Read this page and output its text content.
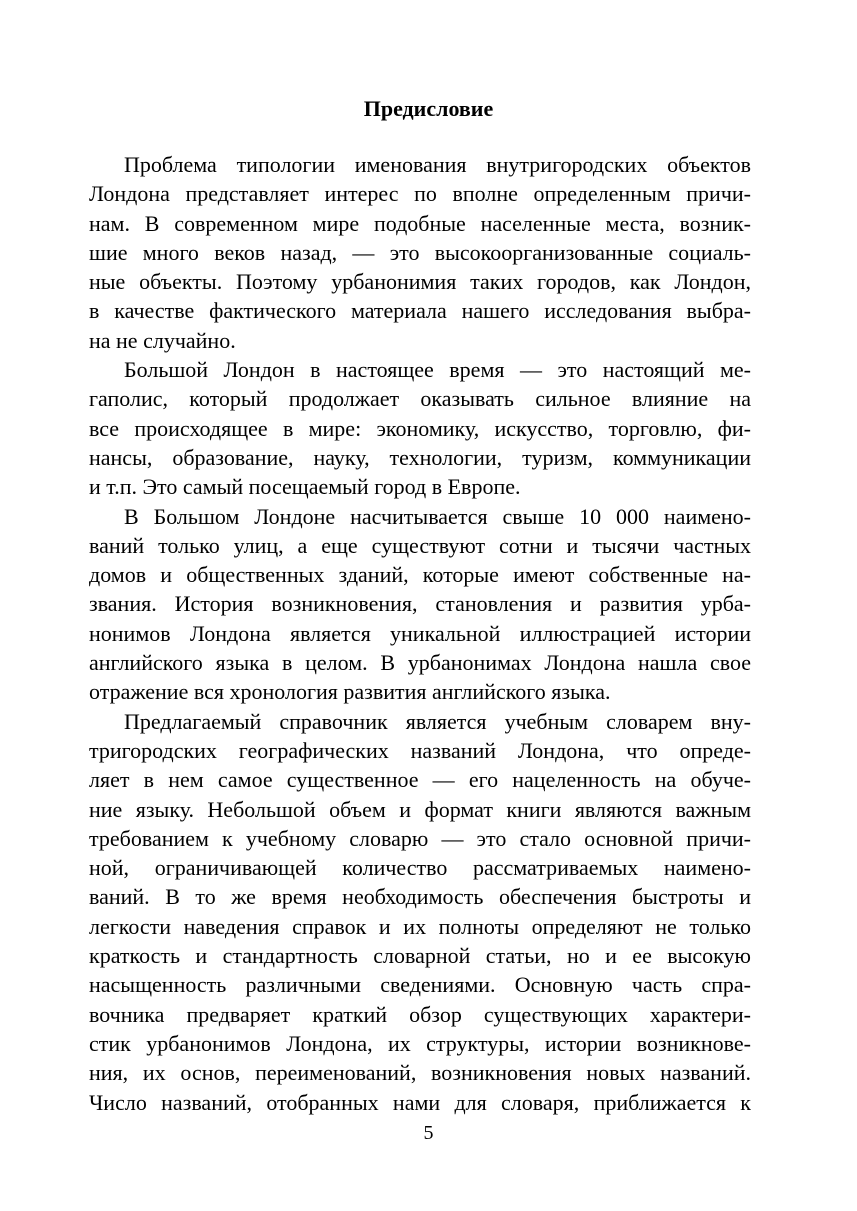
Предисловие
Проблема типологии именования внутригородских объектов
Лондона представляет интерес по вполне определенным причи-
нам. В современном мире подобные населенные места, возник-
шие много веков назад, — это высокоорганизованные социаль-
ные объекты. Поэтому урбанонимия таких городов, как Лондон,
в качестве фактического материала нашего исследования выбра-
на не случайно.
Большой Лондон в настоящее время — это настоящий ме-
гаполис, который продолжает оказывать сильное влияние на
все происходящее в мире: экономику, искусство, торговлю, фи-
нансы, образование, науку, технологии, туризм, коммуникации
и т.п. Это самый посещаемый город в Европе.
В Большом Лондоне насчитывается свыше 10 000 наимено-
ваний только улиц, а еще существуют сотни и тысячи частных
домов и общественных зданий, которые имеют собственные на-
звания. История возникновения, становления и развития урба-
нонимов Лондона является уникальной иллюстрацией истории
английского языка в целом. В урбанонимах Лондона нашла свое
отражение вся хронология развития английского языка.
Предлагаемый справочник является учебным словарем вну-
тригородских географических названий Лондона, что опреде-
ляет в нем самое существенное — его нацеленность на обуче-
ние языку. Небольшой объем и формат книги являются важным
требованием к учебному словарю — это стало основной причи-
ной, ограничивающей количество рассматриваемых наимено-
ваний. В то же время необходимость обеспечения быстроты и
легкости наведения справок и их полноты определяют не только
краткость и стандартность словарной статьи, но и ее высокую
насыщенность различными сведениями. Основную часть спра-
вочника предваряет краткий обзор существующих характери-
стик урбанонимов Лондона, их структуры, истории возникнове-
ния, их основ, переименований, возникновения новых названий.
Число названий, отобранных нами для словаря, приближается к
5
